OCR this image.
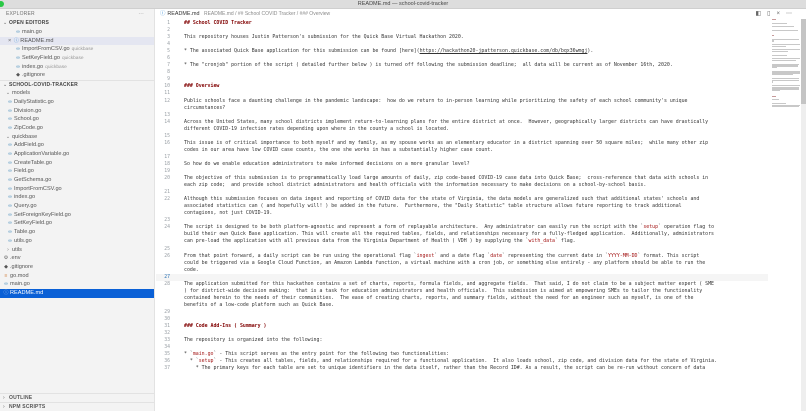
README.md — school-covid-tracker
EXPLORER	···
⌄ OPEN EDITORS
∞ main.go
× ⓘ README.md
∞ ImportFromCSV.go quickbase
∞ SetKeyField.go quickbase
∞ index.go quickbase
◆ .gitignore
⌄ SCHOOL-COVID-TRACKER
⌄ models
∞ DailyStatistic.go
∞ Division.go
∞ School.go
∞ ZipCode.go
⌄ quickbase
∞ AddField.go
∞ ApplicationVariable.go
∞ CreateTable.go
∞ Field.go
∞ GetSchema.go
∞ ImportFromCSV.go
∞ index.go
∞ Query.go
∞ SetForeignKeyField.go
∞ SetKeyField.go
∞ Table.go
∞ utils.go
› utils
⚙ .env
◆ .gitignore
≡ go.mod
∞ main.go
ⓘ README.md
› OUTLINE
› NPM SCRIPTS
ⓘ README.md README.md / ## School COVID Tracker / ### Overview	◧▯×⋯
1	## School COVID Tracker
2
3	This repository houses Justin Patterson's submission for the Quick Base Virtual Hackathon 2020.
4
5	* The associated Quick Base application for this submission can be found [here](https://hackathon20-jpatterson.quickbase.com/db/bqx36wmgj).
6
7	* The "cronjob" portion of the script ( detailed further below ) is turned off following the submission deadline;  all data will be current as of November 16th, 2020.
8
9
10	### Overview
11
12	Public schools face a daunting challenge in the pandemic landscape:  how do we return to in-person learning while prioritizing the safety of each school community's unique
circumstances?
13
14	Across the United States, many school districts implement return-to-learning plans for the entire district at once.  However, geographically larger districts can have drastically
different COVID-19 infection rates depending upon where in the county a school is located.
15
16	This issue is of critical importance to both myself and my family, as my spouse works as an elementary educator in a district spanning over 50 square miles;  while many other zip
codes in our area have low COVID case counts, the one she works in has a substantially higher case count.
17
18	So how do we enable education administrators to make informed decisions on a more granular level?
19
20	The objective of this submission is to programmatically load large amounts of daily, zip code-based COVID-19 case data into Quick Base;  cross-reference that data with schools in
each zip code;  and provide school district administrators and health officials with the information necessary to make decisions on a school-by-school basis.
21
22	Although this submission focuses on data ingest and reporting of COVID data for the state of Virginia, the data models are generalized such that additional states' schools and
associated statistics can ( and hopefully will! ) be added in the future.  Furthermore, the "Daily Statistic" table structure allows future reporting to track additional
contagions, not just COVID-19.
23
24	The script is designed to be both platform-agnostic and represent a form of replayable architecture.  Any administrator can easily run the script with the `setup` operation flag to
build their own Quick Base application. This will create all the required tables, fields, and relationships necessary for a fully-fledged application.  Additionally, administrators
can pre-load the application with all previous data from the Virginia Department of Health ( VDH ) by supplying the `with_data` flag.
25
26	From that point forward, a daily script can be run using the operational flag `ingest` and a date flag `date` representing the current date in `YYYY-MM-DD` format. This script
could be triggered via a Google Cloud Function, an Amazon Lambda function, a virtual machine with a cron job, or something else entirely - any platform should be able to run the
code.
27
28	The application submitted for this hackathon contains a set of charts, reports, formula fields, and aggregate fields.  That said, I do not claim to be a subject matter expert ( SME
) for district-wide decision making:  that is a task for education administrators and health officials.  This submission is aimed at empowering SMEs to tailor the functionality
contained herein to the needs of their communities.  The ease of creating charts, reports, and summary fields, without the need for an engineer such as myself, is one of the
benefits of a low-code platform such as Quick Base.
29
30
31	### Code Add-Ins ( Summary )
32
33	The repository is organized into the following:
34
35	* `main.go` - This script serves as the entry point for the following two functionalities:
36	* `setup` - This creates all tables, fields, and relationships required for a functional application.  It also loads school, zip code, and division data for the state of Virginia.
37	* The primary keys for each table are set to unique identifiers in the data itself, rather than the Record ID#. As a result, the script can be re-run without concern of data
